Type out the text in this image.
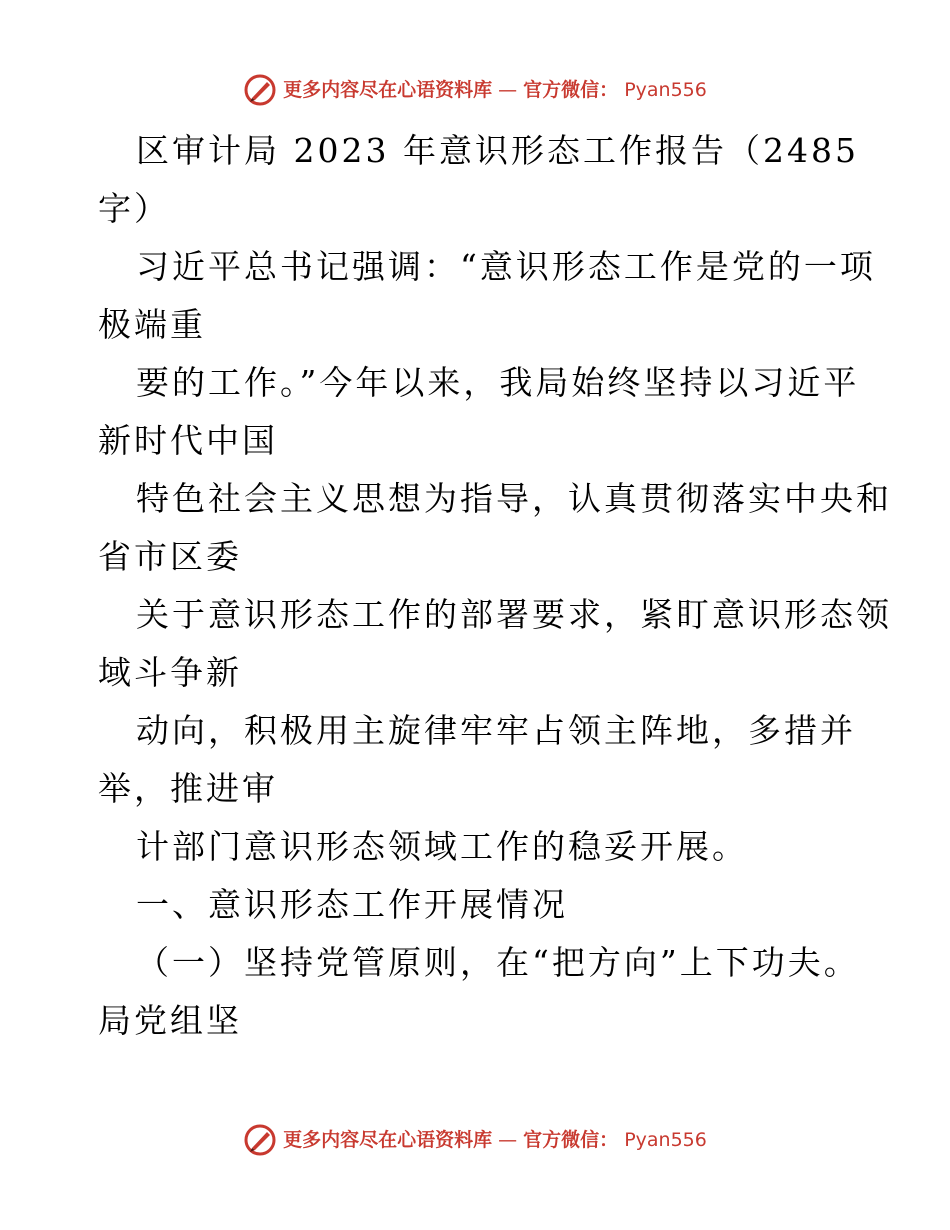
更多内容尽在心语资料库 — 官方微信： Pyan556
区审计局 2023 年意识形态工作报告（2485
字）
习近平总书记强调：“意识形态工作是党的一项
极端重
要的工作。”今年以来，我局始终坚持以习近平
新时代中国
特色社会主义思想为指导，认真贯彻落实中央和
省市区委
关于意识形态工作的部署要求，紧盯意识形态领
域斗争新
动向，积极用主旋律牢牢占领主阵地，多措并
举，推进审
计部门意识形态领域工作的稳妥开展。
一、意识形态工作开展情况
（一）坚持党管原则，在“把方向”上下功夫。
局党组坚
更多内容尽在心语资料库 — 官方微信： Pyan556
